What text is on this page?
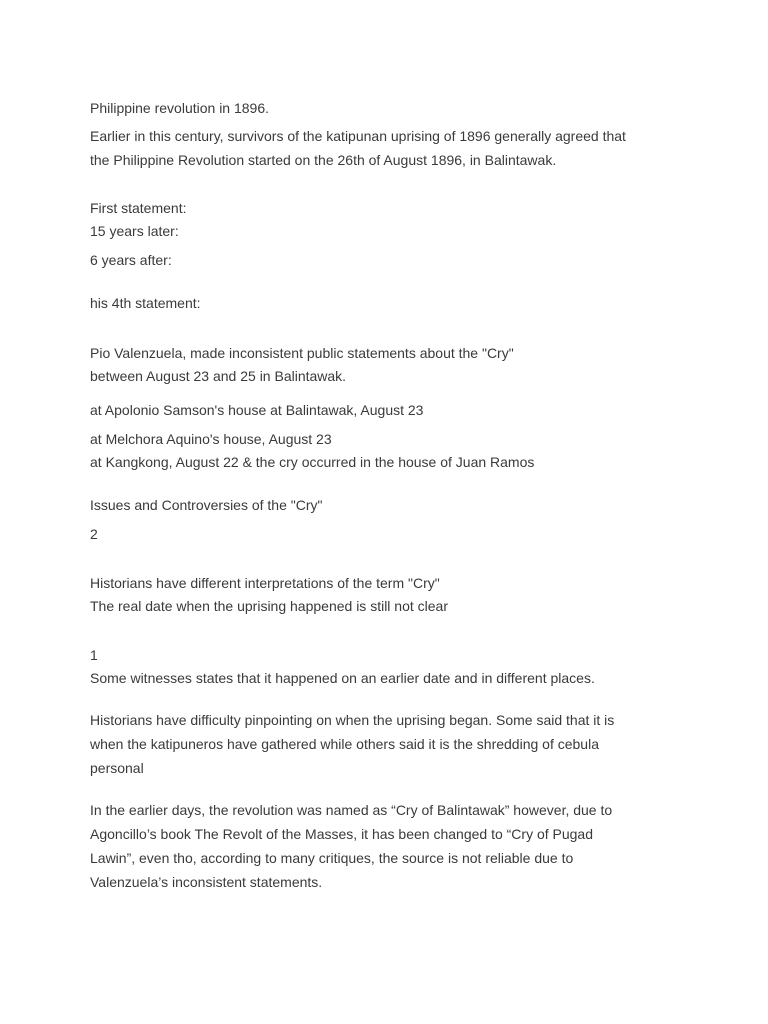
Philippine revolution in 1896.

Earlier in this century, survivors of the katipunan uprising of 1896 generally agreed that
the Philippine Revolution started on the 26th of August 1896, in Balintawak.

First statement:

15 years later:

6 years after:

his 4th statement:

Pio Valenzuela, made inconsistent public statements about the "Cry"

between August 23 and 25 in Balintawak.

at Apolonio Samson's house at Balintawak, August 23

at Melchora Aquino's house, August 23

at Kangkong, August 22 & the cry occurred in the house of Juan Ramos

Issues and Controversies of the "Cry"

2

Historians have different interpretations of the term "Cry"

The real date when the uprising happened is still not clear

1

Some witnesses states that it happened on an earlier date and in different places.

Historians have difficulty pinpointing on when the uprising began. Some said that it is
when the katipuneros have gathered while others said it is the shredding of cebula
personal
In the earlier days, the revolution was named as “Cry of Balintawak” however, due to
Agoncillo’s book The Revolt of the Masses, it has been changed to “Cry of Pugad
Lawin”, even tho, according to many critiques, the source is not reliable due to
Valenzuela’s inconsistent statements.
